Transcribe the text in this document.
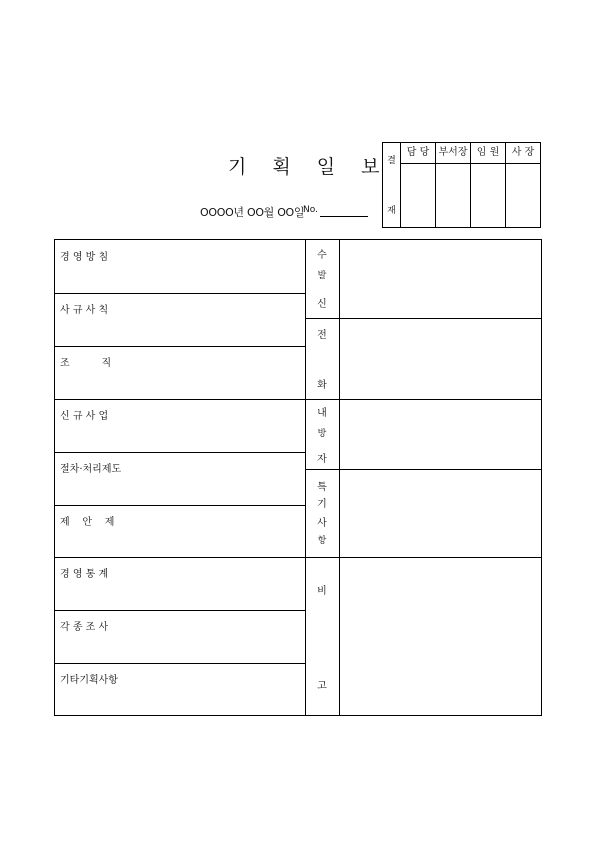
기 획 일 보
OOOO년 OO월 OO일
No.
결
재
담 당 부서장 임 원	사 장
경 영 방 침
사 규 사 칙
조          직
신 규 사 업
절차·처리제도
제    안    제
경 영 통 계
각 종 조 사
기타기획사항
수
발
신
전
화
내
방
자
특
기
사
항
비
고
